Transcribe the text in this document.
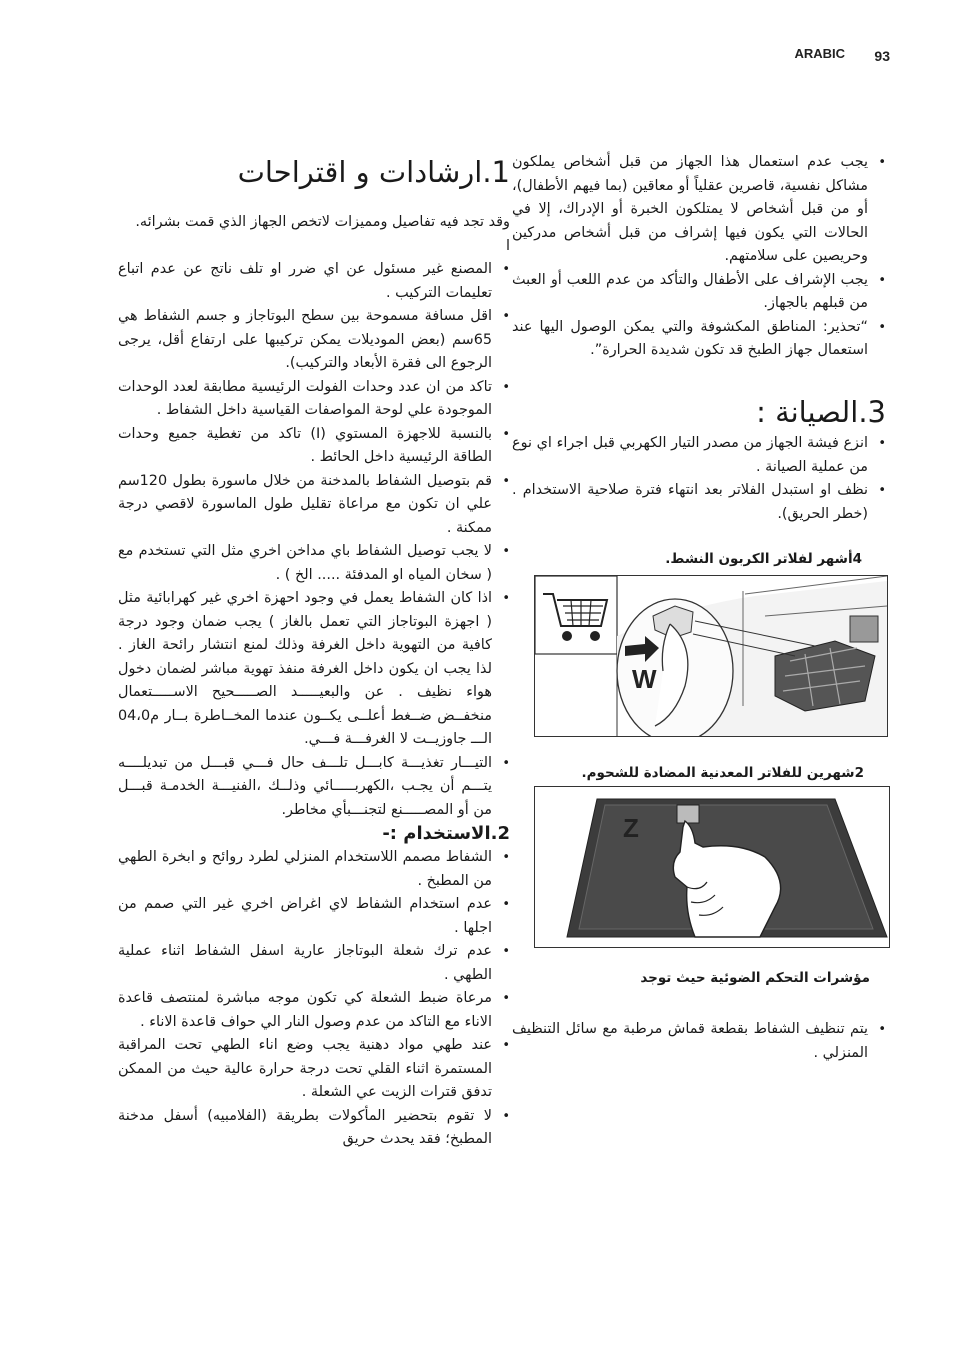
ARABIC 93
• يجب عدم استعمال هذا الجهاز من قبل أشخاص يملكون مشاكل نفسية، قاصرين عقلياً أو معاقين (بما فيهم الأطفال)، أو من قبل أشخاص لا يمتلكون الخبرة أو الإدراك، إلا في الحالات التي يكون فيها إشراف من قبل أشخاص مدركين وحريصين على سلامتهم.
• يجب الإشراف على الأطفال والتأكد من عدم اللعب أو العبث من قبلهم بالجهاز.
• “تحذير: المناطق المكشوفة والتي يمكن الوصول اليها عند استعمال جهاز الطبخ قد تكون شديدة الحرارة”.
3.الصيانة :
• انزع فيشة الجهاز من مصدر التيار الكهربي قبل اجراء اي نوع من عملية الصيانة .
• نظف او استبدل الفلاتر بعد انتهاء فترة صلاحية الاستخدام . (خطر الحريق).
4أشهر لفلاتر الكربون النشط.
W
2شهرين للفلاتر المعدنية المضادة للشحوم.
Z
مؤشرات التحكم الضوئية حيث توجد
• يتم تنظيف الشفاط بقطعة قماش مرطبة مع سائل التنظيف المنزلي .
1.ارشادات و اقتراحات

وقد تجد فيه تفاصيل ومميزات لاتخص الجهاز الذي قمت بشرائه.

ا

• المصنع غير مسئول عن اي ضرر او تلف ناتج عن عدم اتباع تعليمات التركيب .
• اقل مسافة مسموحة بين سطح البوتاجاز و جسم الشفاط هي 65سم (بعض الموديلات يمكن تركيبها على ارتفاع أقل، يرجى الرجوع الى فقرة الأبعاد والتركيب).
• تاكد من ان عدد وحدات الفولت الرئيسية مطابقة لعدد الوحدات الموجودة علي لوحة المواصفات القياسية داخل الشفاط .
• بالنسبة للاجهزة المستوي (I) تاكد من تغطية جميع وحدات الطاقة الرئيسية داخل الحائط .
• قم بتوصيل الشفاط بالمدخنة من خلال ماسورة بطول 120سم علي ان تكون مع مراعاة تقليل طول الماسورة لاقصي درجة ممكنة .
• لا يجب توصيل الشفاط باي مداخن اخري مثل التي تستخدم مع ( سخان المياه او المدفئة ..... الخ ) .
• اذا كان الشفاط يعمل في وجود احهزة اخري غير كهرابائية مثل ( اجهزة البوتاجاز التي تعمل بالغاز ) يجب ضمان وجود درجة كافية من التهوية داخل الغرفة وذلك لمنع انتشار رائحة الغاز . لذا يجب ان يكون داخل الغرفة منفذ تهوية مباشر لضمان دخول هواء نظيف . عن والبعيـــــد الصـــــحيح الاســـــتعمال منخفــض ضــغط أعلــى يكــون عندما المخــاطرة بــار م04،0 الـــ جاوزيــت لا الغرفـــة فـــي.
• التيـــار تغذيـــة كابـــل تلـــف حال فـــي قبـــل من تبديلــــه يتـــم أن يجـب ،الكهربـــــائي وذلــك ،الفنيـــة الخدمـة قبـــل من أو المصـــــنع لتجنـــبأي مخاطر.
2.الاستخدام :-
• الشفاط مصمم اللاستخدام المنزلي لطرد روائح و ابخرة الطهي من المطبخ .
• عدم استخدام الشفاط لاي اغراض اخري غير التي صمم من اجلها .
• عدم ترك شعلة البوتاجاز عارية اسفل الشفاط اثناء عملية الطهي .
• مرعاة ضبط الشعلة كي تكون موجه مباشرة لمنتصف قاعدة الاناء مع التاكد من عدم وصول النار الي حواف قاعدة الاناء .
• عند طهي مواد دهنية يجب وضع اناء الطهي تحت المراقبة المستمرة اثناء القلي تحت درجة حرارة عالية حيث من الممكن تدفق قترات الزيت عي الشعلة .
• لا تقوم بتحضير المأكولات بطريقة (الفلامبيه) أسفل مدخنة المطبخ؛ فقد يحدث حريق
